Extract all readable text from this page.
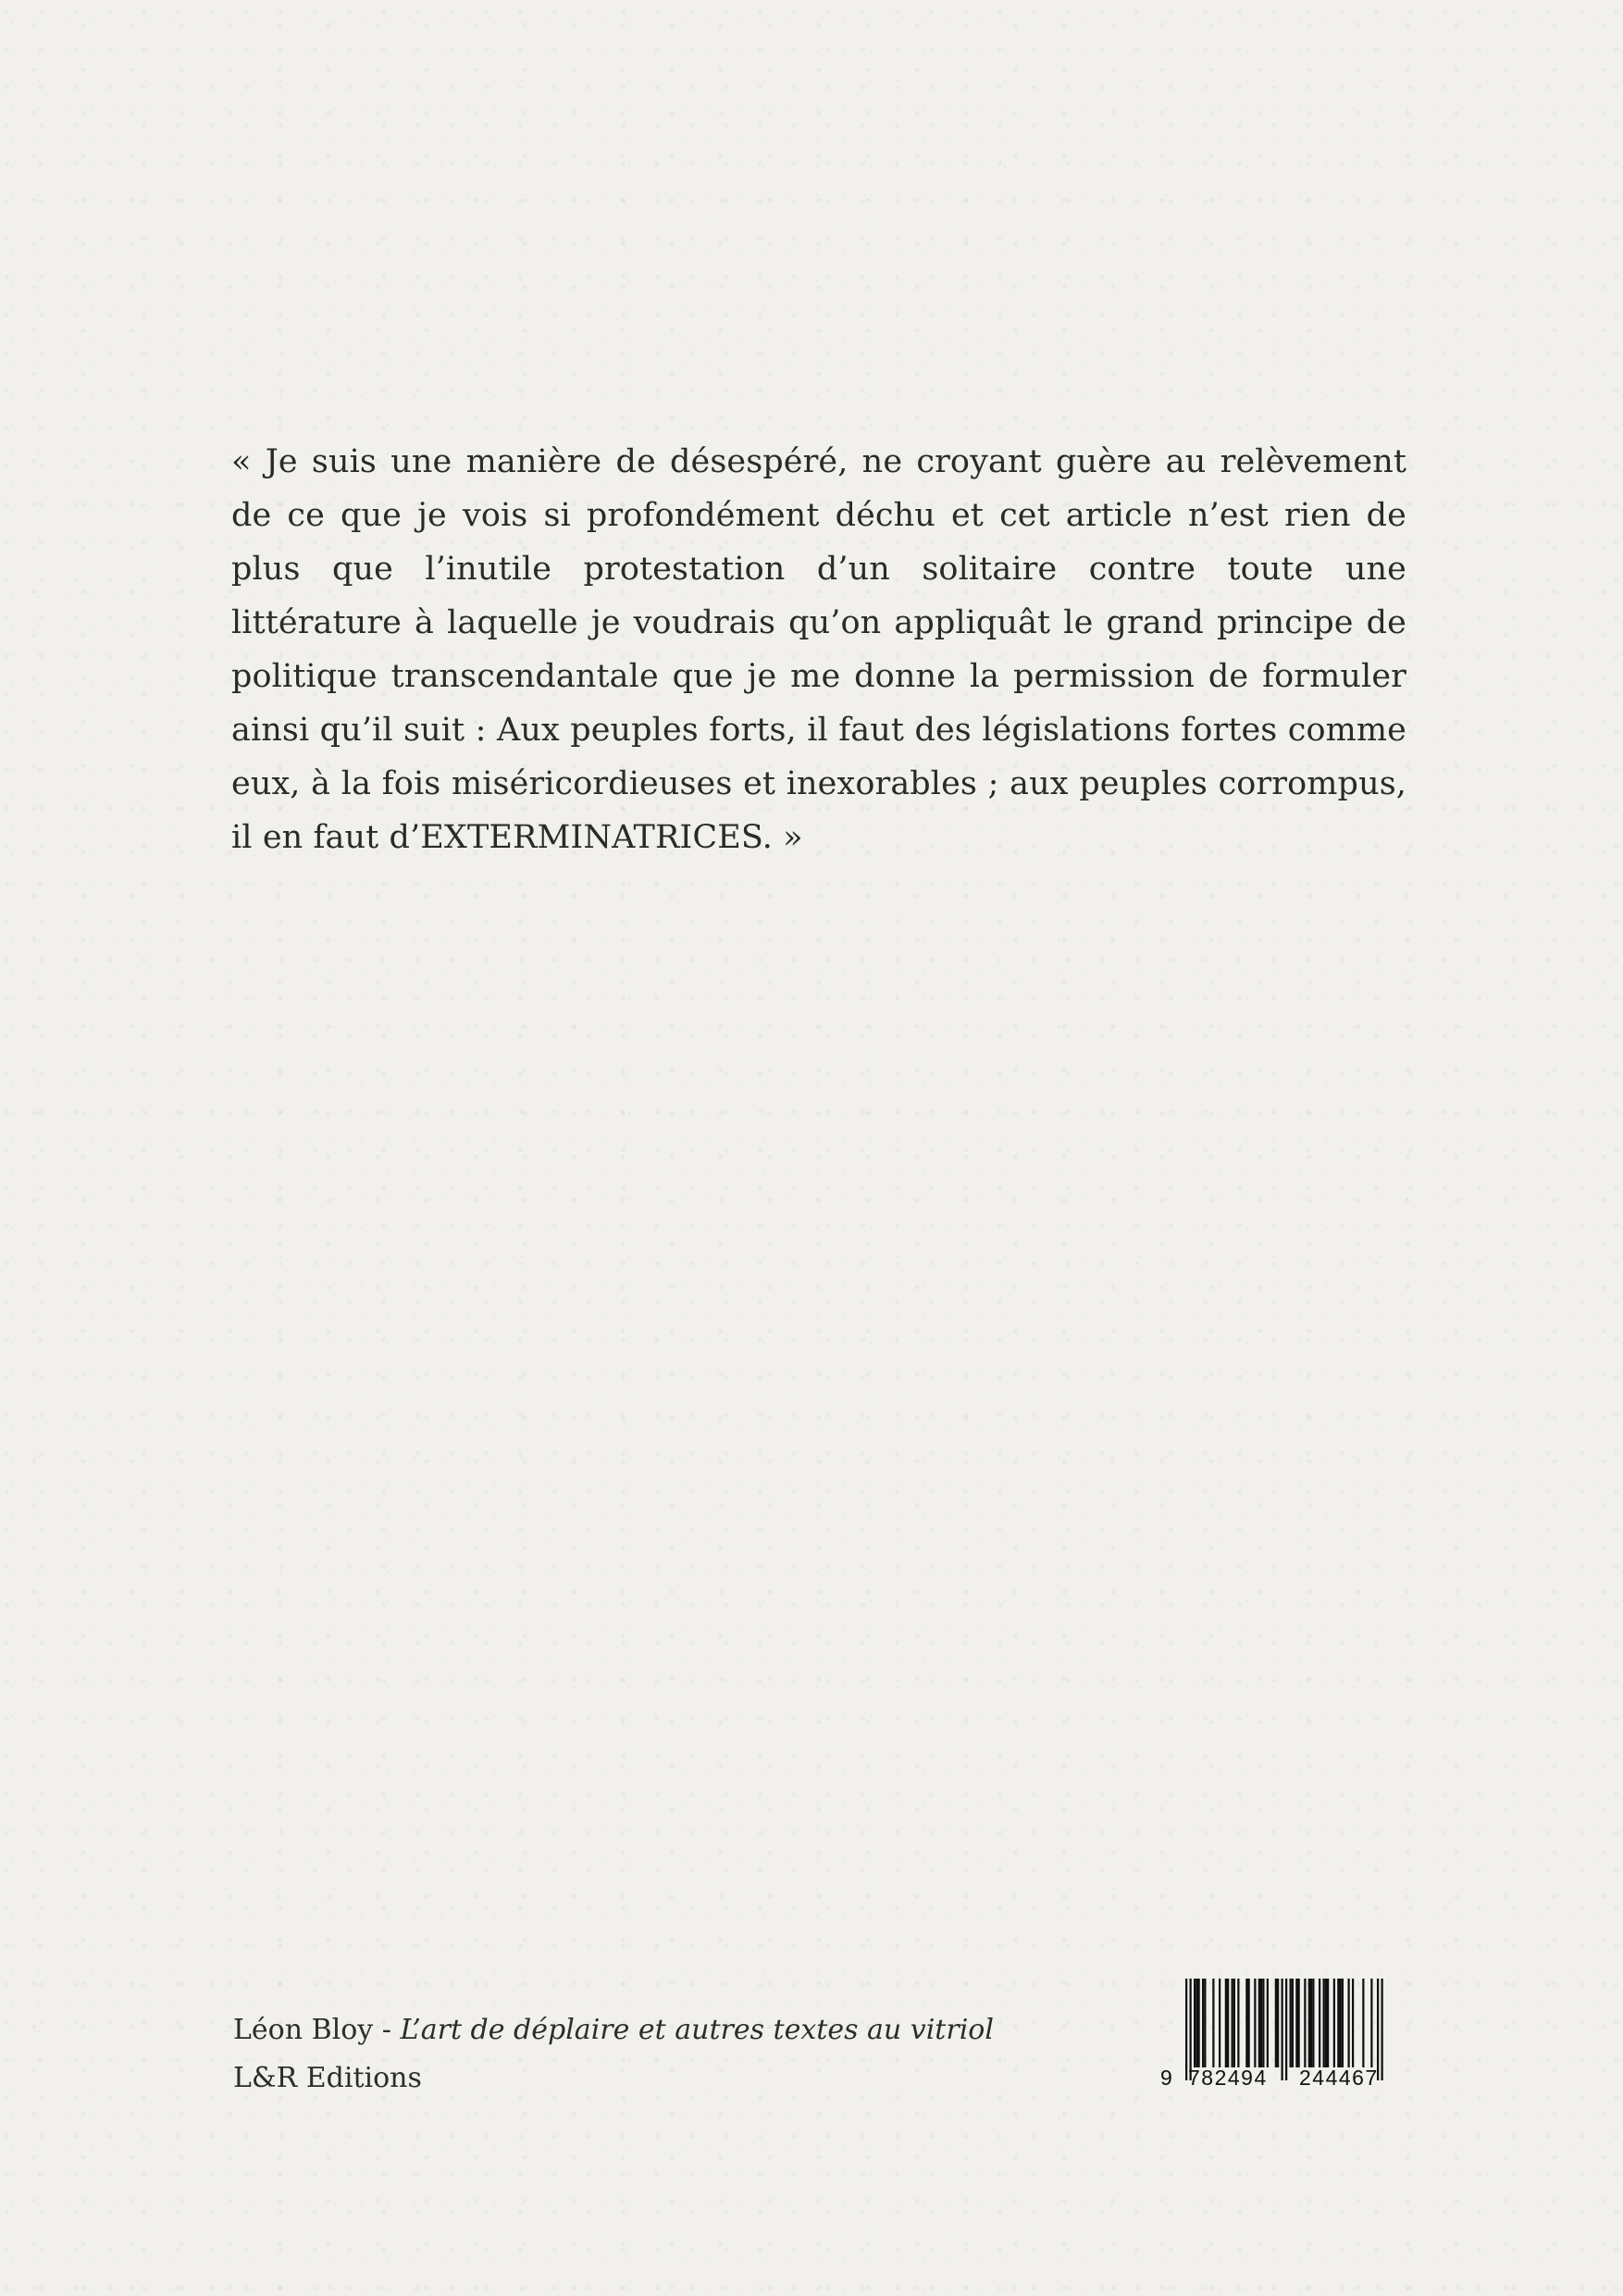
« Je suis une manière de désespéré, ne croyant guère au relèvement de ce que je vois si profondément déchu et cet article n’est rien de plus que l’inutile protestation d’un solitaire contre toute une littérature à laquelle je voudrais qu’on appliquât le grand principe de politique transcendantale que je me donne la permission de formuler ainsi qu’il suit : Aux peuples forts, il faut des législations fortes comme eux, à la fois miséricordieuses et inexorables ; aux peuples corrompus, il en faut d’EXTERMINATRICES. »

Léon Bloy - L’art de déplaire et autres textes au vitriol
L&R Editions	9 782494 244467
